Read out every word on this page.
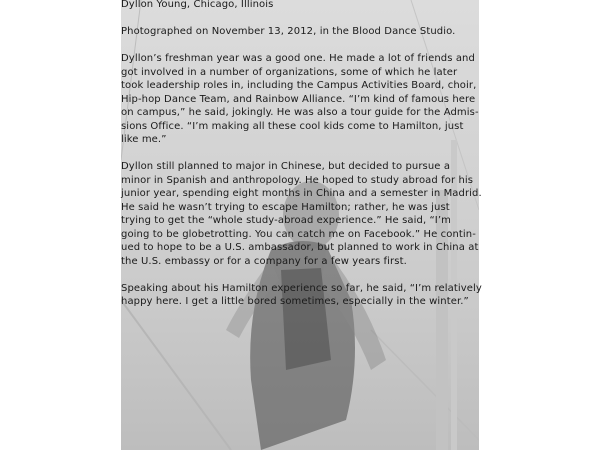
Dyllon Young, Chicago, Illinois

Photographed on November 13, 2012, in the Blood Dance Studio.

Dyllon’s freshman year was a good one. He made a lot of friends and
got involved in a number of organizations, some of which he later
took leadership roles in, including the Campus Activities Board, choir,
Hip-hop Dance Team, and Rainbow Alliance. “I’m kind of famous here
on campus,” he said, jokingly. He was also a tour guide for the Admis-
sions Office. “I’m making all these cool kids come to Hamilton, just
like me.”

Dyllon still planned to major in Chinese, but decided to pursue a
minor in Spanish and anthropology. He hoped to study abroad for his
junior year, spending eight months in China and a semester in Madrid.
He said he wasn’t trying to escape Hamilton; rather, he was just
trying to get the “whole study-abroad experience.” He said, “I’m
going to be globetrotting. You can catch me on Facebook.” He contin-
ued to hope to be a U.S. ambassador, but planned to work in China at
the U.S. embassy or for a company for a few years first.

Speaking about his Hamilton experience so far, he said, “I’m relatively
happy here. I get a little bored sometimes, especially in the winter.”
